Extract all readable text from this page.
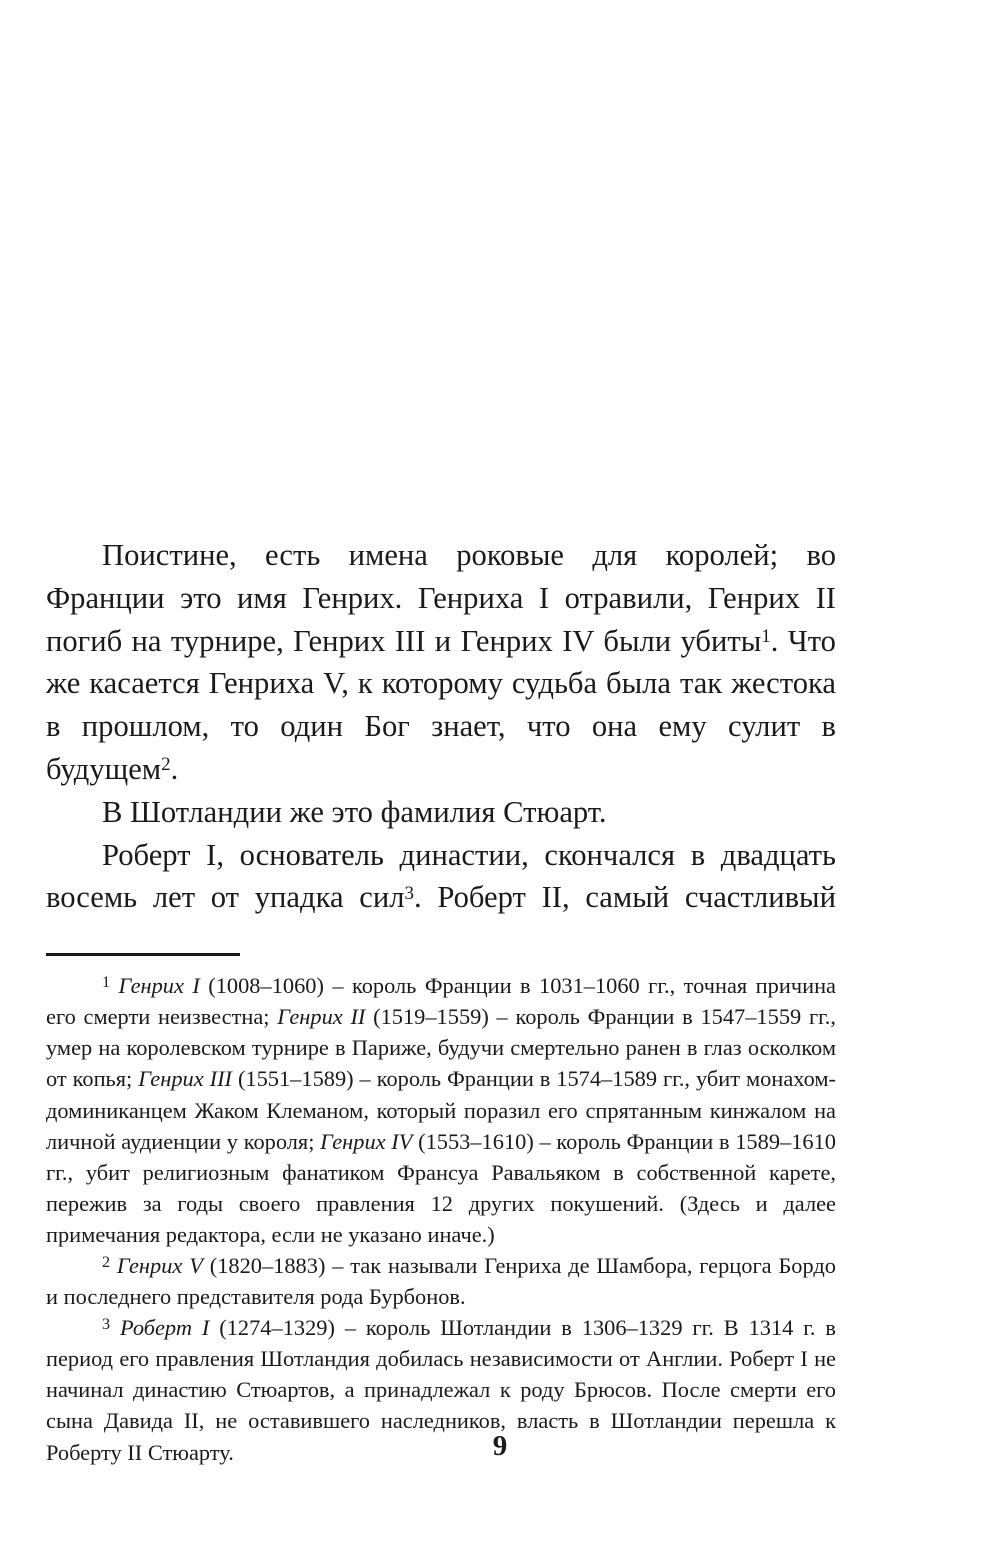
Поистине, есть имена роковые для королей; во Франции это имя Генрих. Генриха I отравили, Генрих II погиб на турнире, Генрих III и Генрих IV были убиты$^1$. Что же касается Генриха V, к которому судьба была так жестока в прошлом, то один Бог знает, что она ему сулит в будущем$^2$.

В Шотландии же это фамилия Стюарт.

Роберт I, основатель династии, скончался в двадцать восемь лет от упадка сил$^3$. Роберт II, самый счастливый

$^1$ Генрих I (1008–1060) – король Франции в 1031–1060 гг., точная причина его смерти неизвестна; Генрих II (1519–1559) – король Франции в 1547–1559 гг., умер на королевском турнире в Париже, будучи смертельно ранен в глаз осколком от копья; Генрих III (1551–1589) – король Франции в 1574–1589 гг., убит монахом-доминиканцем Жаком Клеманом, который поразил его спрятанным кинжалом на личной аудиенции у короля; Генрих IV (1553–1610) – король Франции в 1589–1610 гг., убит религиозным фанатиком Франсуа Равальяком в собственной карете, пережив за годы своего правления 12 других покушений. (Здесь и далее примечания редактора, если не указано иначе.)

$^2$ Генрих V (1820–1883) – так называли Генриха де Шамбора, герцога Бордо и последнего представителя рода Бурбонов.

$^3$ Роберт I (1274–1329) – король Шотландии в 1306–1329 гг. В 1314 г. в период его правления Шотландия добилась независимости от Англии. Роберт I не начинал династию Стюартов, а принадлежал к роду Брюсов. После смерти его сына Давида II, не оставившего наследников, власть в Шотландии перешла к Роберту II Стюарту.	9
